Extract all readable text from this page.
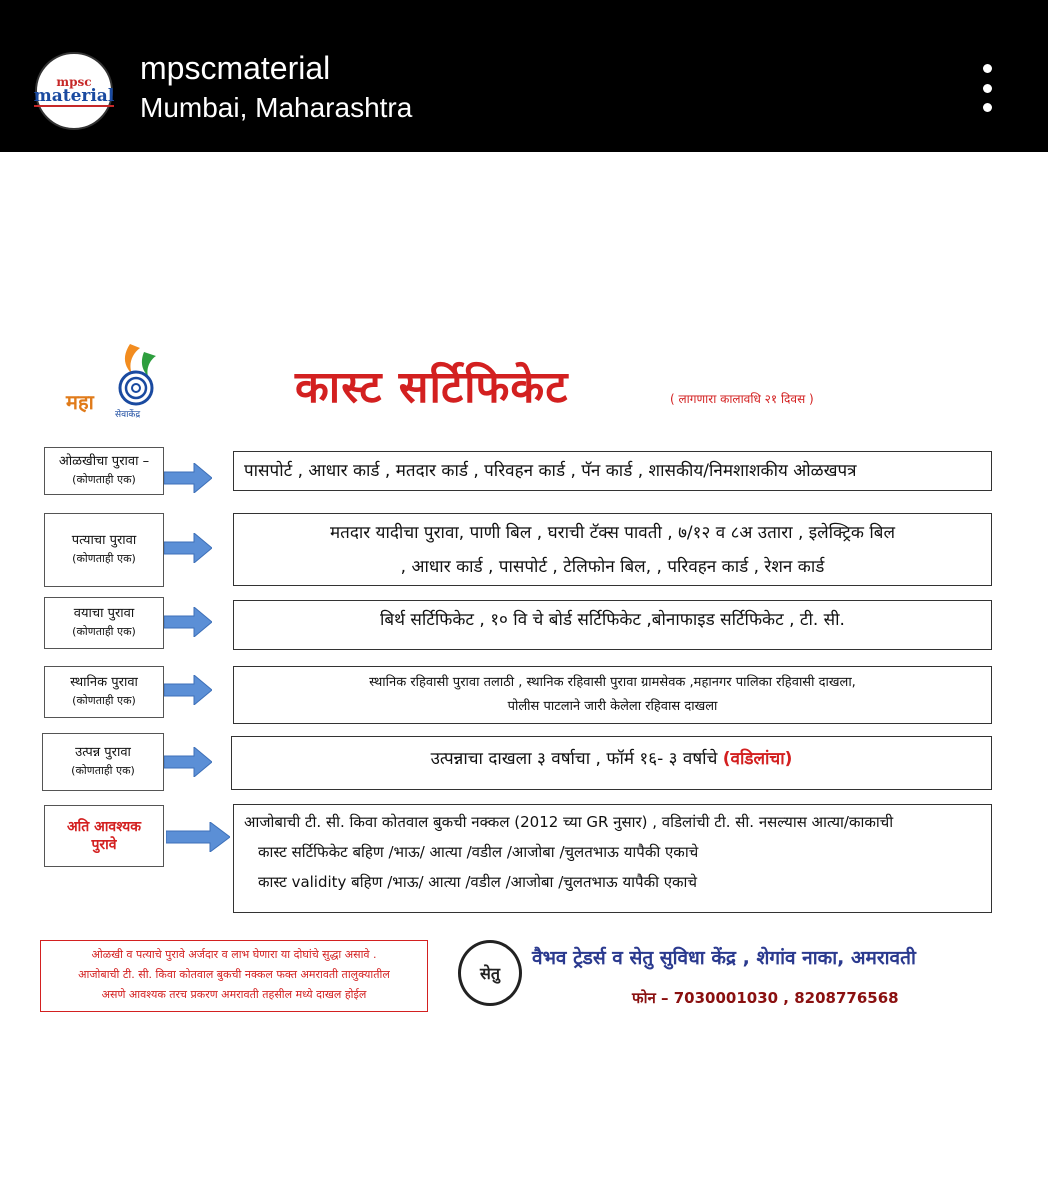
mpsc
material
mpscmaterial
Mumbai, Maharashtra
महा
सेवाकेंद्र
कास्ट सर्टिफिकेट	( लागणारा कालावधि २१ दिवस )
ओळखीचा पुरावा –
(कोणताही एक)	पासपोर्ट , आधार कार्ड , मतदार कार्ड , परिवहन कार्ड , पॅन कार्ड , शासकीय/निमशाशकीय ओळखपत्र
पत्याचा पुरावा
(कोणताही एक)
मतदार यादीचा पुरावा, पाणी बिल , घराची टॅक्स पावती , ७/१२ व ८अ उतारा , इलेक्ट्रिक बिल
, आधार कार्ड , पासपोर्ट , टेलिफोन बिल, , परिवहन कार्ड , रेशन कार्ड
वयाचा पुरावा
(कोणताही एक)
बिर्थ सर्टिफिकेट , १० वि चे बोर्ड सर्टिफिकेट ,बोनाफाइड सर्टिफिकेट , टी. सी.
स्थानिक पुरावा
(कोणताही एक)
स्थानिक रहिवासी पुरावा तलाठी , स्थानिक रहिवासी पुरावा ग्रामसेवक ,महानगर पालिका रहिवासी दाखला,
पोलीस पाटलाने जारी केलेला रहिवास दाखला
उत्पन्न पुरावा
(कोणताही एक)
उत्पन्नाचा दाखला ३ वर्षाचा , फॉर्म १६- ३ वर्षाचे (वडिलांचा)
अति आवश्यक
पुरावे
आजोबाची टी. सी. किवा कोतवाल बुकची नक्कल (2012 च्या GR नुसार) , वडिलांची टी. सी. नसल्यास आत्या/काकाची
कास्ट सर्टिफिकेट बहिण /भाऊ/ आत्या /वडील /आजोबा /चुलतभाऊ यापैकी एकाचे
कास्ट validity बहिण /भाऊ/ आत्या /वडील /आजोबा /चुलतभाऊ यापैकी एकाचे
ओळखी व पत्याचे पुरावे अर्जदार व लाभ घेणारा या दोघांचे सुद्धा असावे .
आजोबाची टी. सी. किवा कोतवाल बुकची नक्कल फक्त अमरावती तालुक्यातील
असणे आवश्यक तरच प्रकरण अमरावती तहसील मध्ये दाखल होईल
सेतु
वैभव ट्रेडर्स व सेतु सुविधा केंद्र , शेगांव नाका, अमरावती
फोन – 7030001030 , 8208776568
